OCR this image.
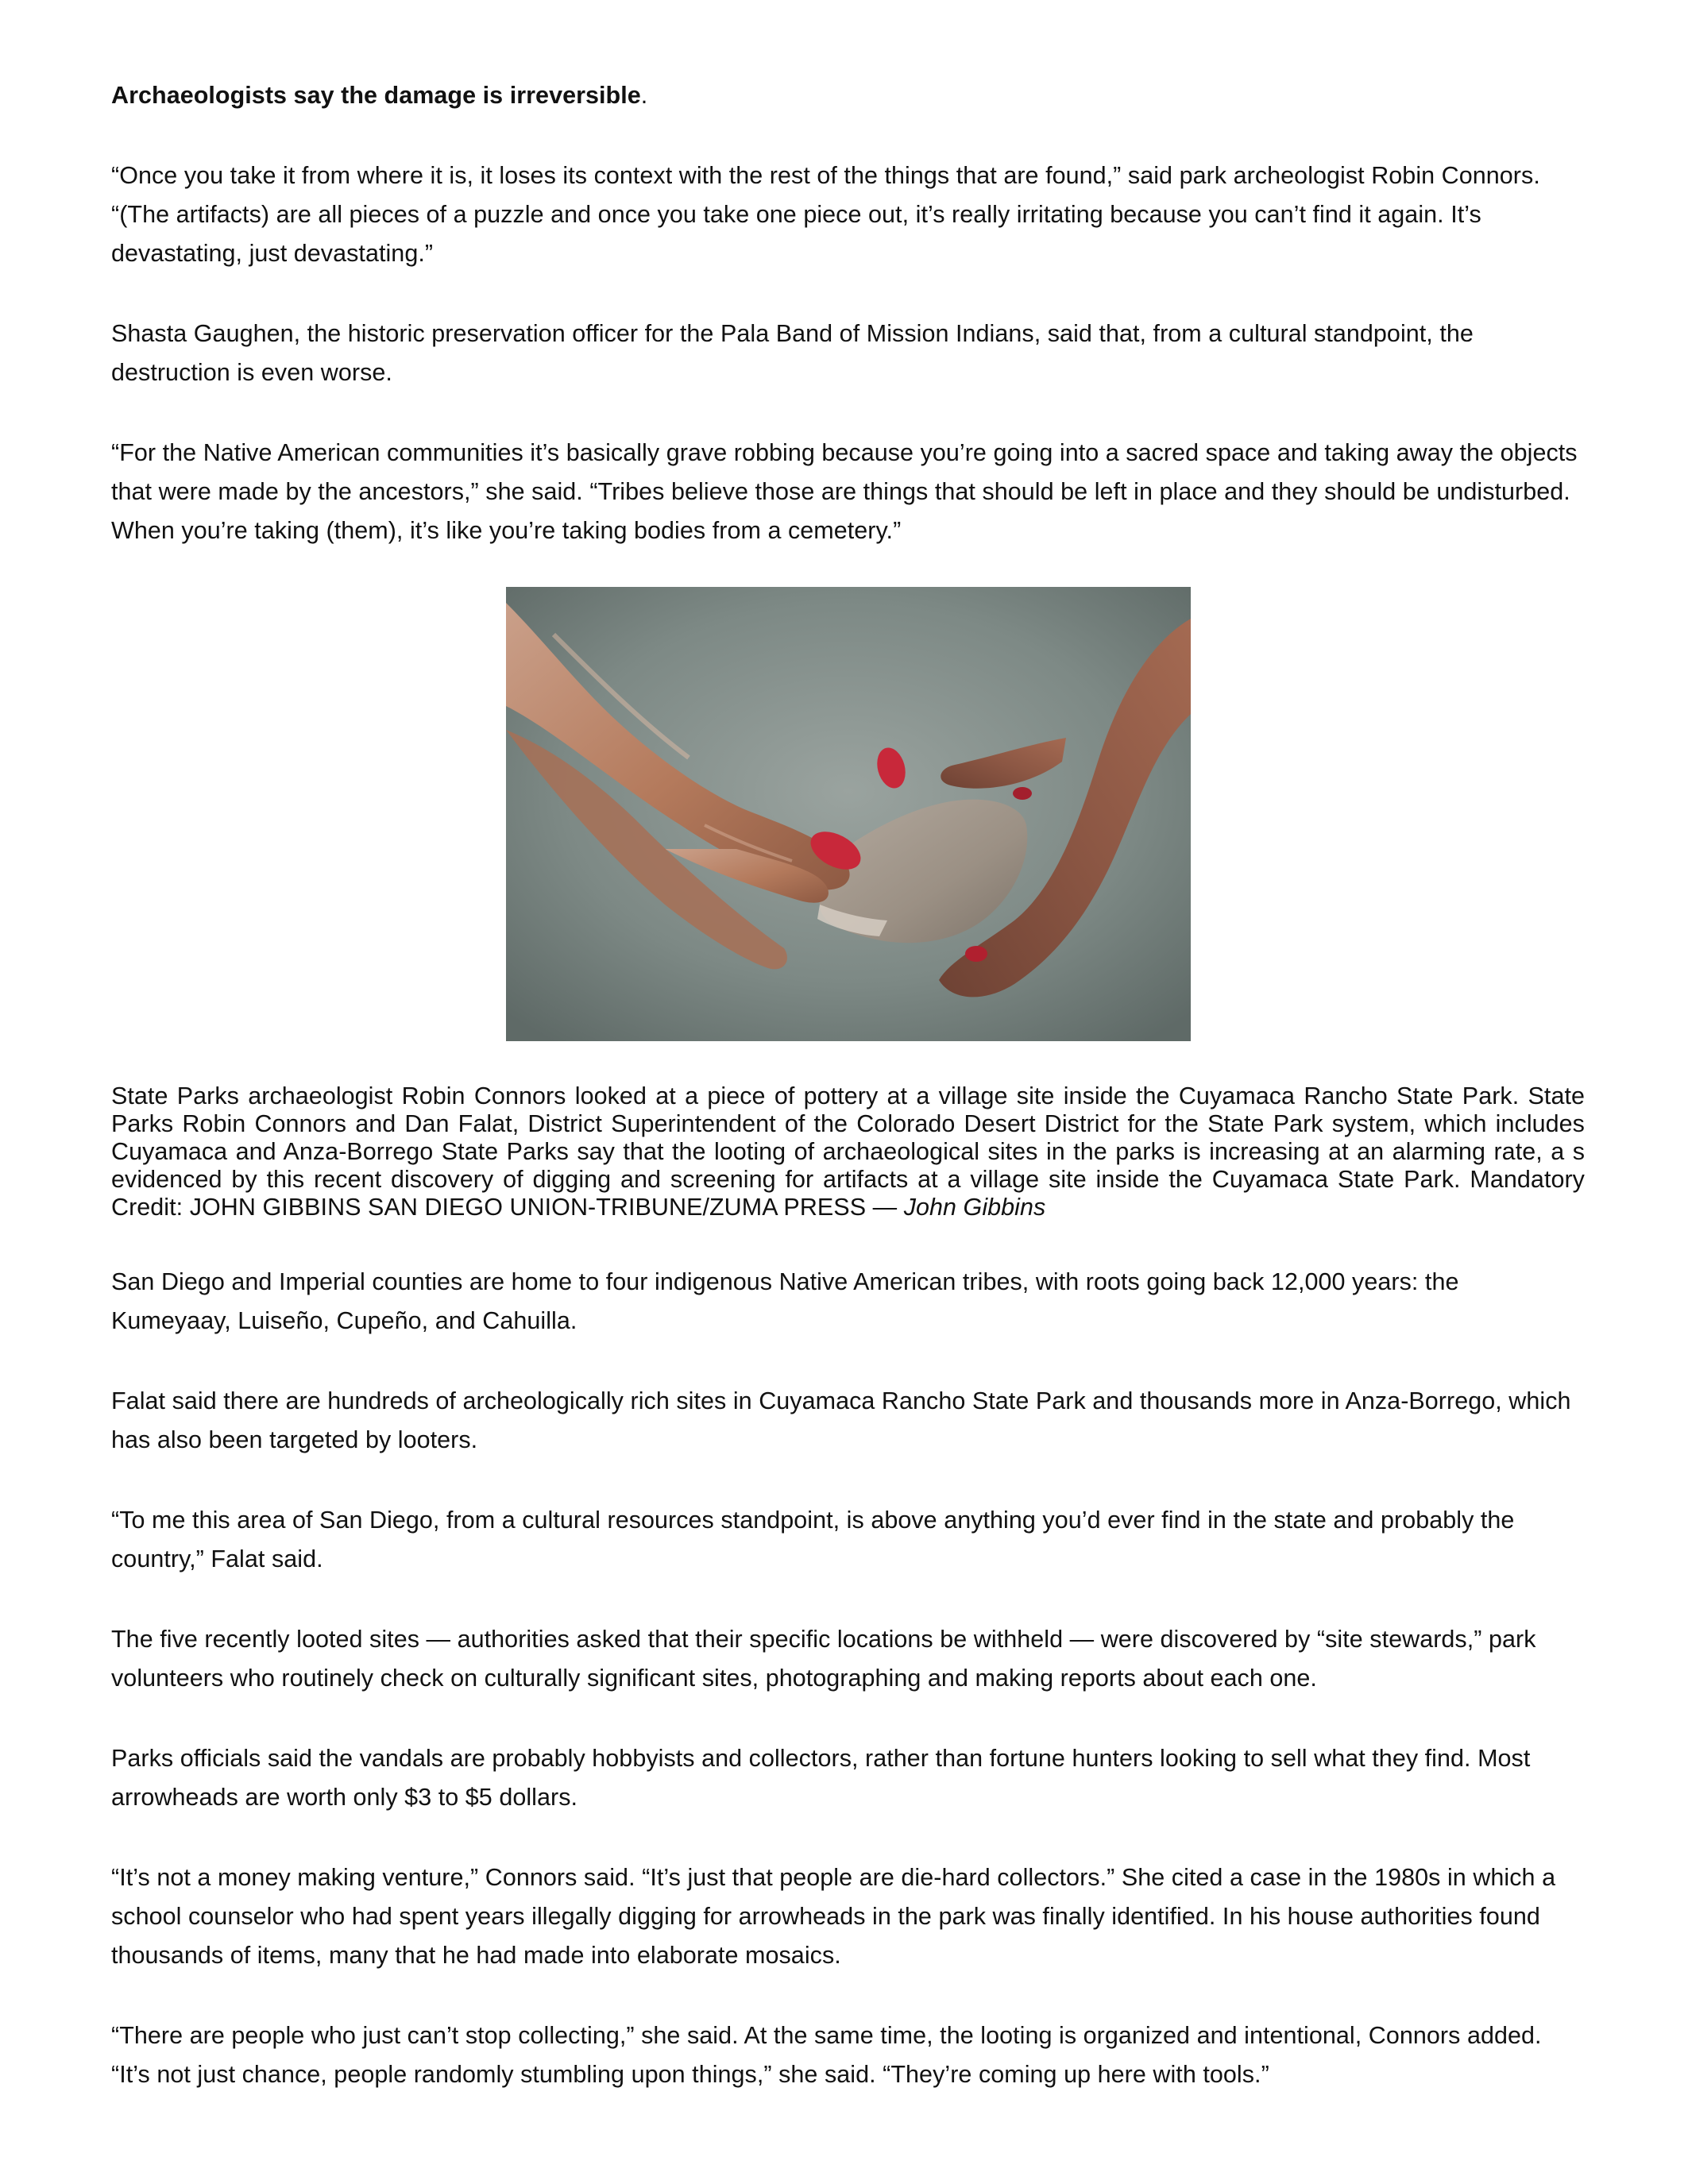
Archaeologists say the damage is irreversible.

“Once you take it from where it is, it loses its context with the rest of the things that are found,” said park archeologist Robin Connors. “(The artifacts) are all pieces of a puzzle and once you take one piece out, it’s really irritating because you can’t find it again. It’s devastating, just devastating.”

Shasta Gaughen, the historic preservation officer for the Pala Band of Mission Indians, said that, from a cultural standpoint, the destruction is even worse.

“For the Native American communities it’s basically grave robbing because you’re going into a sacred space and taking away the objects that were made by the ancestors,” she said. “Tribes believe those are things that should be left in place and they should be undisturbed. When you’re taking (them), it’s like you’re taking bodies from a cemetery.”

State Parks archaeologist Robin Connors looked at a piece of pottery at a village site inside the Cuyamaca Rancho State Park. State Parks Robin Connors and Dan Falat, District Superintendent of the Colorado Desert District for the State Park system, which includes Cuyamaca and Anza-Borrego State Parks say that the looting of archaeological sites in the parks is increasing at an alarming rate, a s evidenced by this recent discovery of digging and screening for artifacts at a village site inside the Cuyamaca State Park. Mandatory Credit: JOHN GIBBINS SAN DIEGO UNION-TRIBUNE/ZUMA PRESS — John Gibbins

San Diego and Imperial counties are home to four indigenous Native American tribes, with roots going back 12,000 years: the Kumeyaay, Luiseño, Cupeño, and Cahuilla.

Falat said there are hundreds of archeologically rich sites in Cuyamaca Rancho State Park and thousands more in Anza-Borrego, which has also been targeted by looters.

“To me this area of San Diego, from a cultural resources standpoint, is above anything you’d ever find in the state and probably the country,” Falat said.

The five recently looted sites — authorities asked that their specific locations be withheld — were discovered by “site stewards,” park volunteers who routinely check on culturally significant sites, photographing and making reports about each one.

Parks officials said the vandals are probably hobbyists and collectors, rather than fortune hunters looking to sell what they find. Most arrowheads are worth only $3 to $5 dollars.

“It’s not a money making venture,” Connors said. “It’s just that people are die-hard collectors.” She cited a case in the 1980s in which a school counselor who had spent years illegally digging for arrowheads in the park was finally identified. In his house authorities found thousands of items, many that he had made into elaborate mosaics.

“There are people who just can’t stop collecting,” she said. At the same time, the looting is organized and intentional, Connors added. “It’s not just chance, people randomly stumbling upon things,” she said. “They’re coming up here with tools.”
